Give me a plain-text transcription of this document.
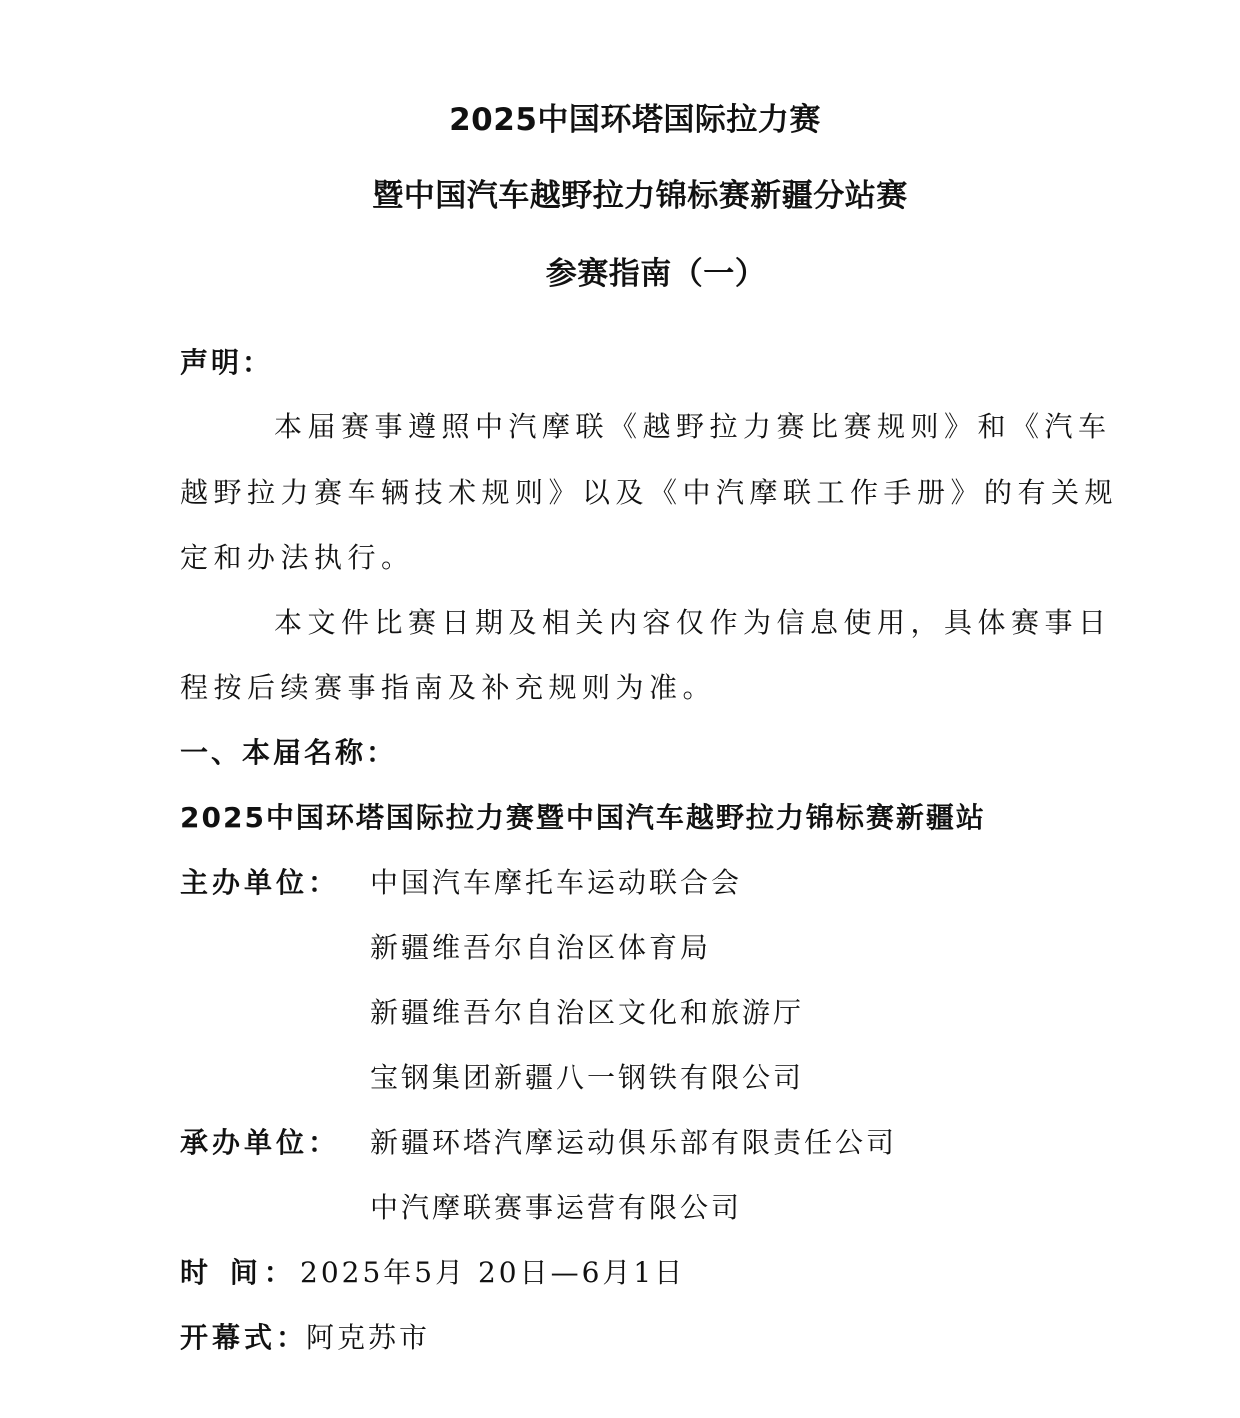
2025中国环塔国际拉力赛
暨中国汽车越野拉力锦标赛新疆分站赛
参赛指南（一）
声明：
本届赛事遵照中汽摩联《越野拉力赛比赛规则》和《汽车
越野拉力赛车辆技术规则》以及《中汽摩联工作手册》的有关规
定和办法执行。
本文件比赛日期及相关内容仅作为信息使用，具体赛事日
程按后续赛事指南及补充规则为准。
一、本届名称：
2025中国环塔国际拉力赛暨中国汽车越野拉力锦标赛新疆站
主办单位： 中国汽车摩托车运动联合会
新疆维吾尔自治区体育局
新疆维吾尔自治区文化和旅游厅
宝钢集团新疆八一钢铁有限公司
承办单位： 新疆环塔汽摩运动俱乐部有限责任公司
中汽摩联赛事运营有限公司
时 间： 2025年5月 20日—6月1日
开幕式：
阿克苏市
